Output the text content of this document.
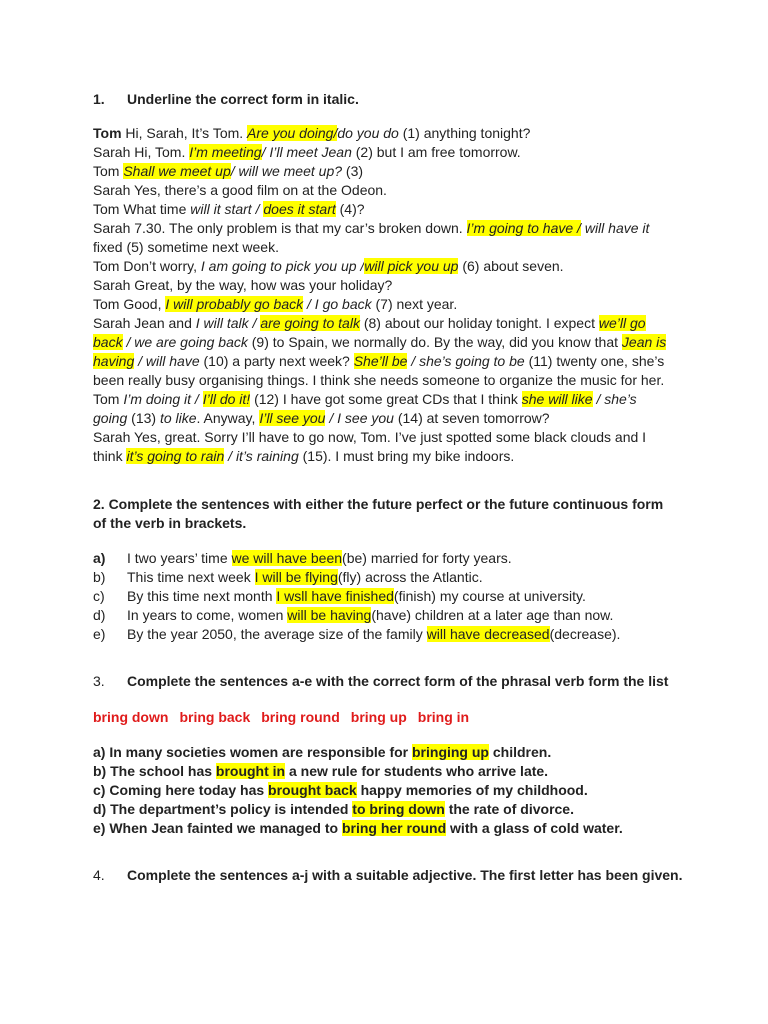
1. Underline the correct form in italic.
Tom Hi, Sarah, It’s Tom. Are you doing/do you do (1) anything tonight?
Sarah Hi, Tom. I’m meeting/ I’ll meet Jean (2) but I am free tomorrow.
Tom Shall we meet up/ will we meet up? (3)
Sarah Yes, there’s a good film on at the Odeon.
Tom What time will it start / does it start (4)?
Sarah 7.30. The only problem is that my car’s broken down. I’m going to have / will have it
fixed (5) sometime next week.
Tom Don’t worry, I am going to pick you up /will pick you up (6) about seven.
Sarah Great, by the way, how was your holiday?
Tom Good, I will probably go back / I go back (7) next year.
Sarah Jean and I will talk / are going to talk (8) about our holiday tonight. I expect we’ll go
back / we are going back (9) to Spain, we normally do. By the way, did you know that Jean is
having / will have (10) a party next week? She’ll be / she’s going to be (11) twenty one, she’s
been really busy organising things. I think she needs someone to organize the music for her.
Tom I’m doing it / I’ll do it! (12) I have got some great CDs that I think she will like / she’s
going (13) to like. Anyway, I’ll see you / I see you (14) at seven tomorrow?
Sarah Yes, great. Sorry I’ll have to go now, Tom. I’ve just spotted some black clouds and I
think it’s going to rain / it’s raining (15). I must bring my bike indoors.
2. Complete the sentences with either the future perfect or the future continuous form
of the verb in brackets.
a) I two years’ time we will have been(be) married for forty years.
b) This time next week I will be flying(fly) across the Atlantic.
c) By this time next month I wsll have finished(finish) my course at university.
d) In years to come, women will be having(have) children at a later age than now.
e) By the year 2050, the average size of the family will have decreased(decrease).
3. Complete the sentences a-e with the correct form of the phrasal verb form the list
bring down bring back bring round bring up bring in
a) In many societies women are responsible for bringing up children.
b) The school has brought in a new rule for students who arrive late.
c) Coming here today has brought back happy memories of my childhood.
d) The department’s policy is intended to bring down the rate of divorce.
e) When Jean fainted we managed to bring her round with a glass of cold water.
4. Complete the sentences a-j with a suitable adjective. The first letter has been given.
